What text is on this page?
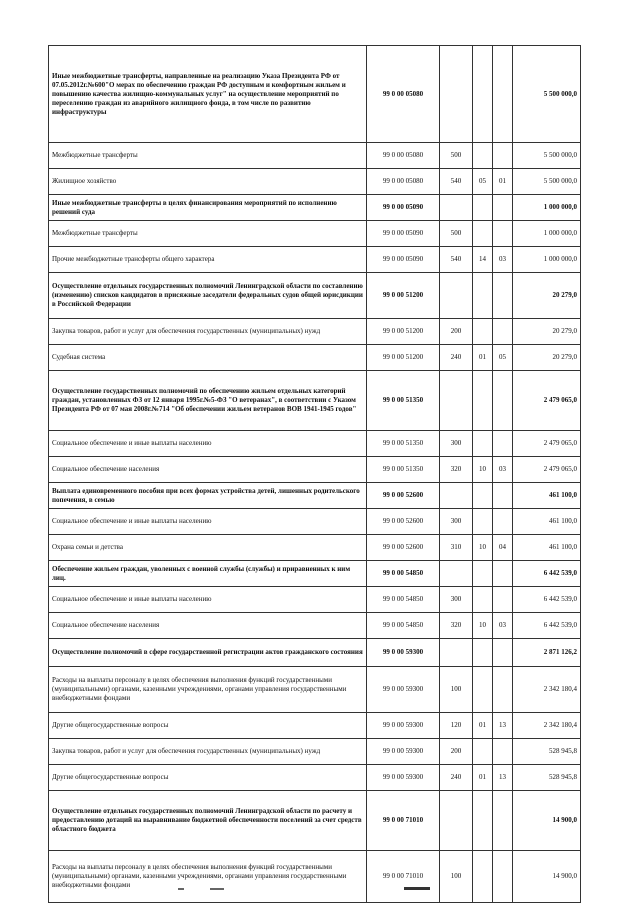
Иные межбюджетные трансферты, направленные на реализацию Указа Президента РФ от 07.05.2012г.№600"О мерах по обеспечению граждан РФ доступным и комфортным жильем и повышению качества жилищно-коммунальных услуг" на осуществление мероприятий по переселению граждан из аварийного жилищного фонда, в том числе по развитию инфраструктуры	99 0 00 05080				5 500 000,0
Межбюджетные трансферты	99 0 00 05080	500			5 500 000,0
Жилищное хозяйство	99 0 00 05080	540	05	01	5 500 000,0
Иные межбюджетные трансферты в целях финансирования мероприятий по исполнению решений суда	99 0 00 05090				1 000 000,0
Межбюджетные трансферты	99 0 00 05090	500			1 000 000,0
Прочие межбюджетные трансферты общего характера	99 0 00 05090	540	14	03	1 000 000,0
Осуществление отдельных государственных полномочий Ленинградской области по составлению (изменению) списков кандидатов в присяжные заседатели федеральных судов общей юрисдикции в Российской Федерации	99 0 00 51200				20 279,0
Закупка товаров, работ и услуг для обеспечения государственных (муниципальных) нужд	99 0 00 51200	200			20 279,0
Судебная система	99 0 00 51200	240	01	05	20 279,0
Осуществление государственных полномочий по обеспечению жильем отдельных категорий граждан, установленных ФЗ от 12 января 1995г.№5-ФЗ "О ветеранах", в соответствии с Указом Президента РФ от 07 мая 2008г.№714 "Об обеспечении жильем ветеранов ВОВ 1941-1945 годов"	99 0 00 51350				2 479 065,0
Социальное обеспечение и иные выплаты населению	99 0 00 51350	300			2 479 065,0
Социальное обеспечение населения	99 0 00 51350	320	10	03	2 479 065,0
Выплата единовременного пособия при всех формах устройства детей, лишенных родительского попечения, в семью	99 0 00 52600				461 100,0
Социальное обеспечение и иные выплаты населению	99 0 00 52600	300			461 100,0
Охрана семьи и детства	99 0 00 52600	310	10	04	461 100,0
Обеспечение жильем граждан, уволенных с военной службы (службы) и приравненных к ним лиц.	99 0 00 54850				6 442 539,0
Социальное обеспечение и иные выплаты населению	99 0 00 54850	300			6 442 539,0
Социальное обеспечение населения	99 0 00 54850	320	10	03	6 442 539,0
Осуществление полномочий в сфере государственной регистрации актов гражданского состояния	99 0 00 59300				2 871 126,2
Расходы на выплаты персоналу в целях обеспечения выполнения функций государственными (муниципальными) органами, казенными учреждениями, органами управления государственными внебюджетными фондами	99 0 00 59300	100			2 342 180,4
Другие общегосударственные вопросы	99 0 00 59300	120	01	13	2 342 180,4
Закупка товаров, работ и услуг для обеспечения государственных (муниципальных) нужд	99 0 00 59300	200			528 945,8
Другие общегосударственные вопросы	99 0 00 59300	240	01	13	528 945,8
Осуществление отдельных государственных полномочий Ленинградской области по расчету и предоставлению дотаций на выравнивание бюджетной обеспеченности поселений за счет средств областного бюджета	99 0 00 71010				14 900,0
Расходы на выплаты персоналу в целях обеспечения выполнения функций государственными (муниципальными) органами, казенными учреждениями, органами управления государственными внебюджетными фондами	99 0 00 71010	100			14 900,0
